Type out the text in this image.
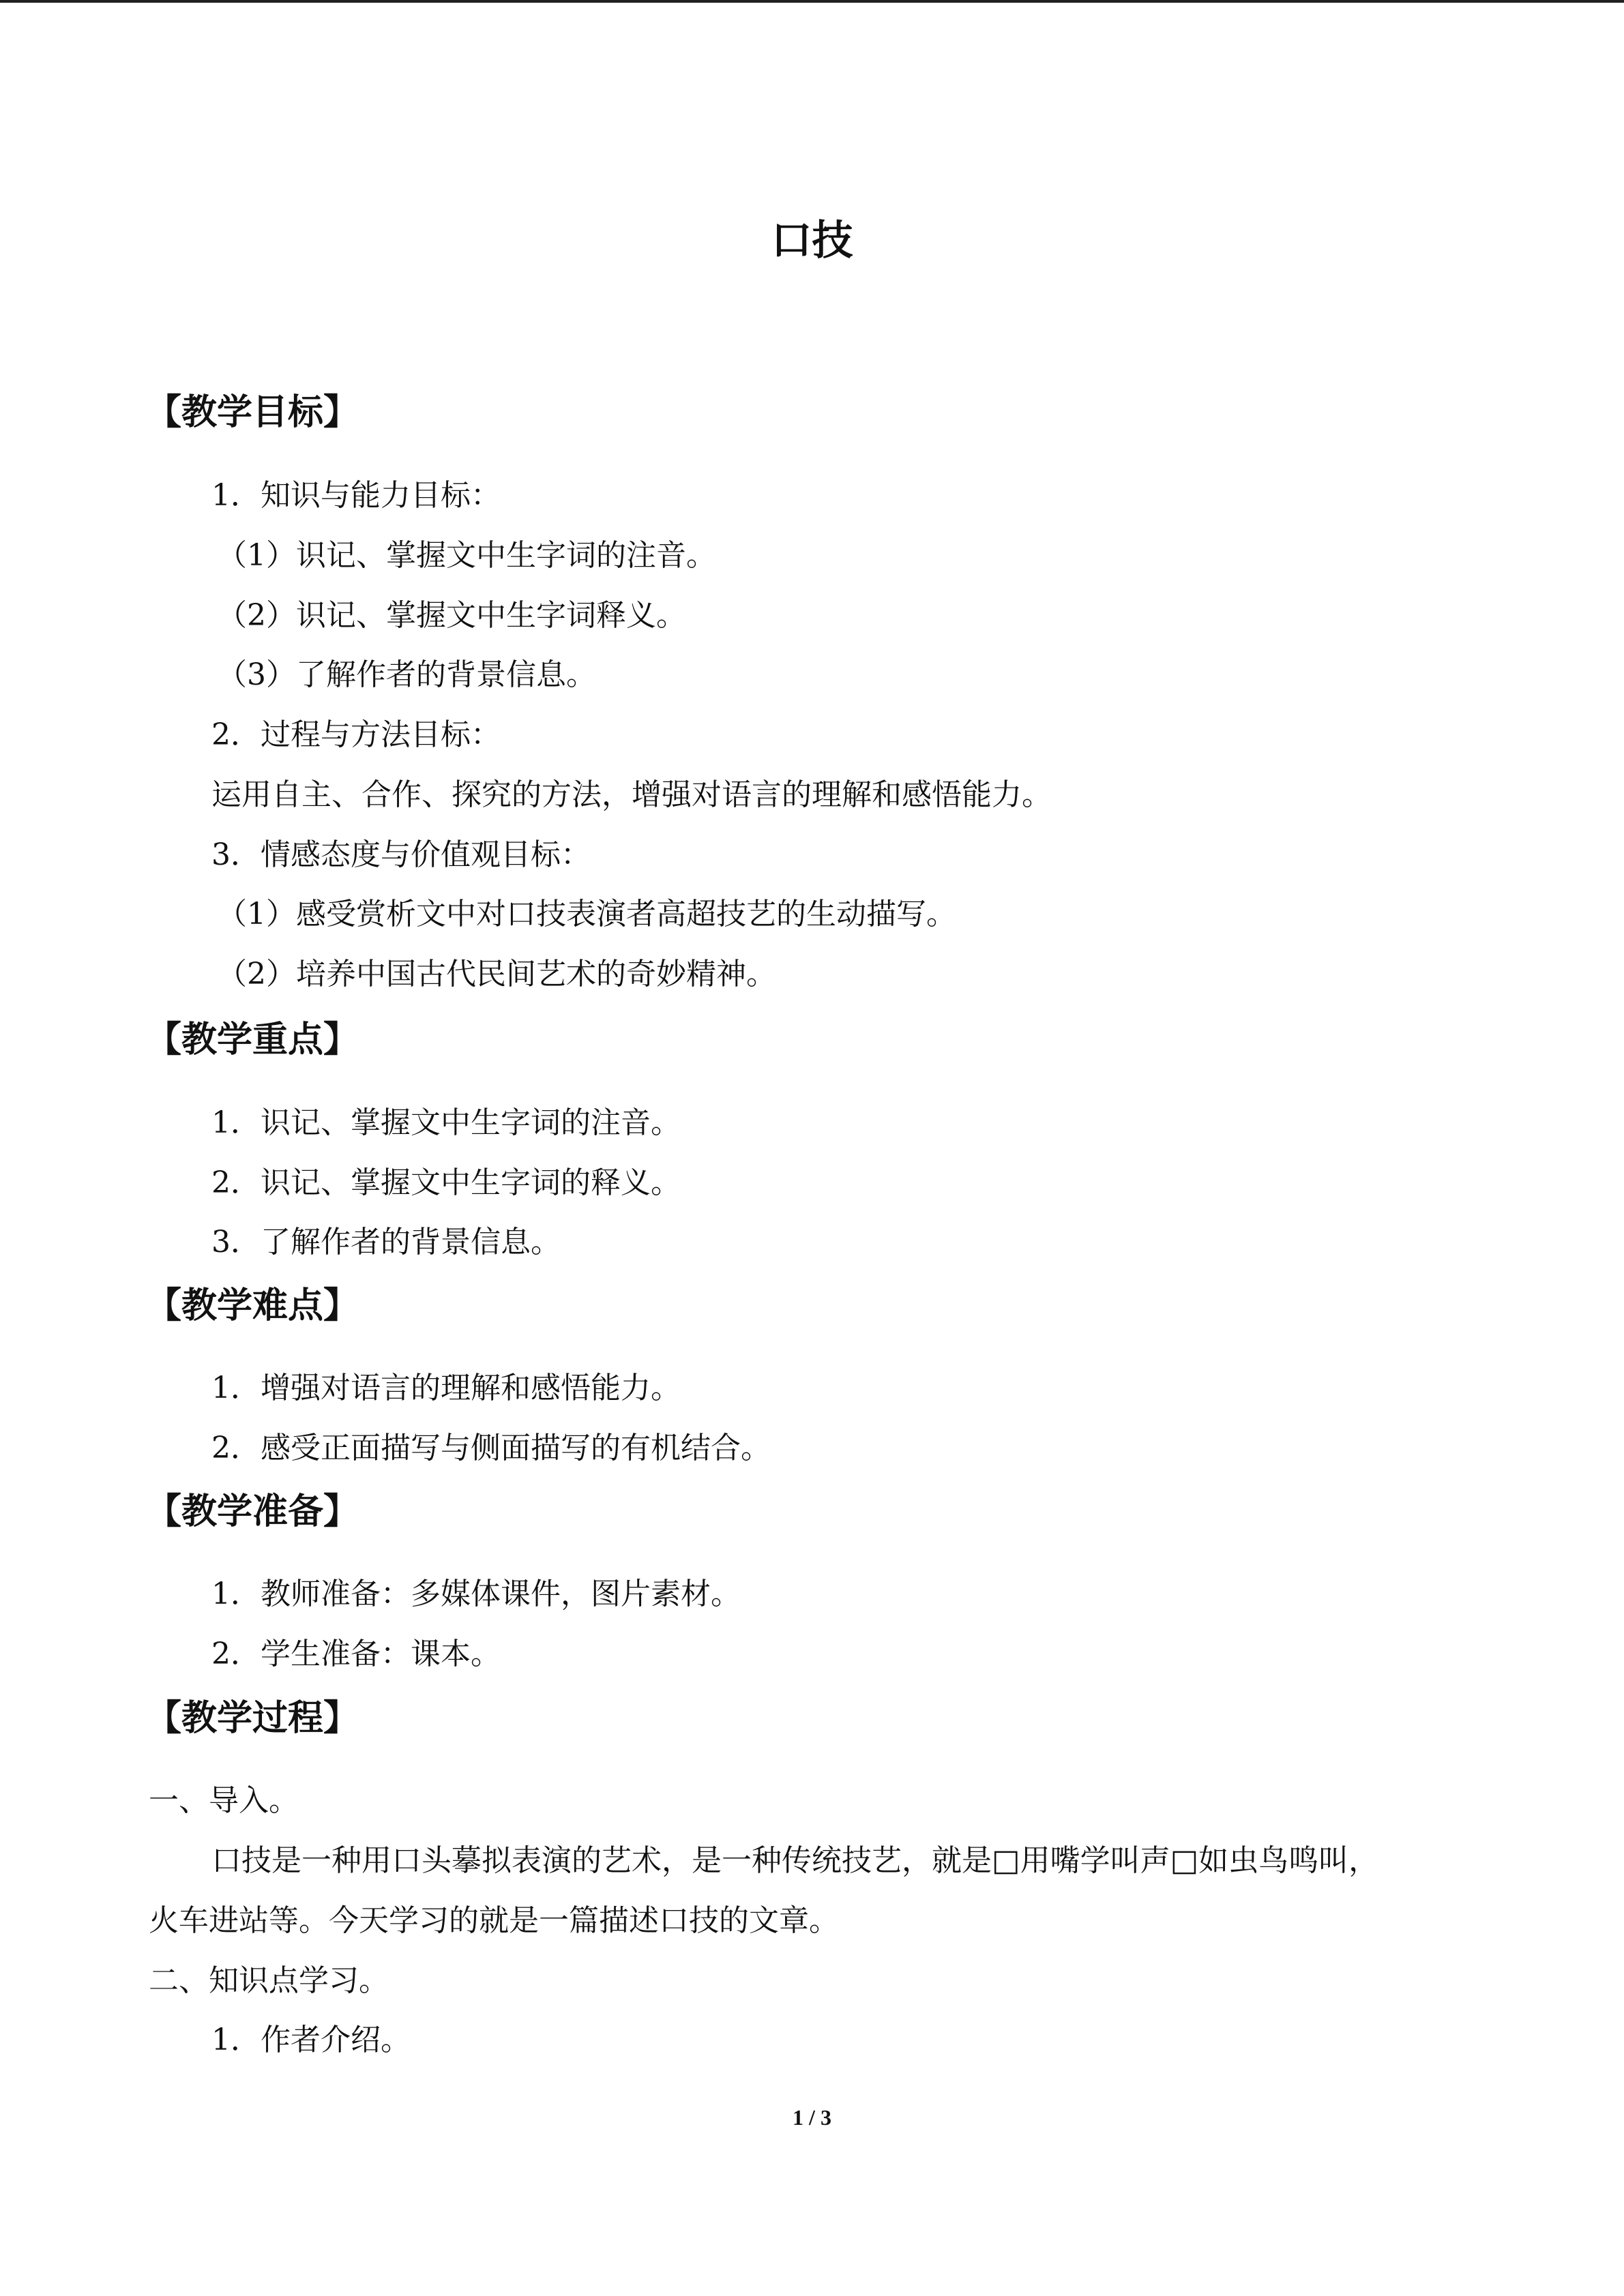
口技
【教学目标】
1．知识与能力目标：
（1）识记、掌握文中生字词的注音。
（2）识记、掌握文中生字词释义。
（3）了解作者的背景信息。
2．过程与方法目标：
运用自主、合作、探究的方法，增强对语言的理解和感悟能力。
3．情感态度与价值观目标：
（1）感受赏析文中对口技表演者高超技艺的生动描写。
（2）培养中国古代民间艺术的奇妙精神。
【教学重点】
1．识记、掌握文中生字词的注音。
2．识记、掌握文中生字词的释义。
3．了解作者的背景信息。
【教学难点】
1．增强对语言的理解和感悟能力。
2．感受正面描写与侧面描写的有机结合。
【教学准备】
1．教师准备：多媒体课件，图片素材。
2．学生准备：课本。
【教学过程】
一、导入。
口技是一种用口头摹拟表演的艺术，是一种传统技艺，就是□用嘴学叫声□如虫鸟鸣叫，
火车进站等。今天学习的就是一篇描述口技的文章。
二、知识点学习。
1．作者介绍。
1 / 3
